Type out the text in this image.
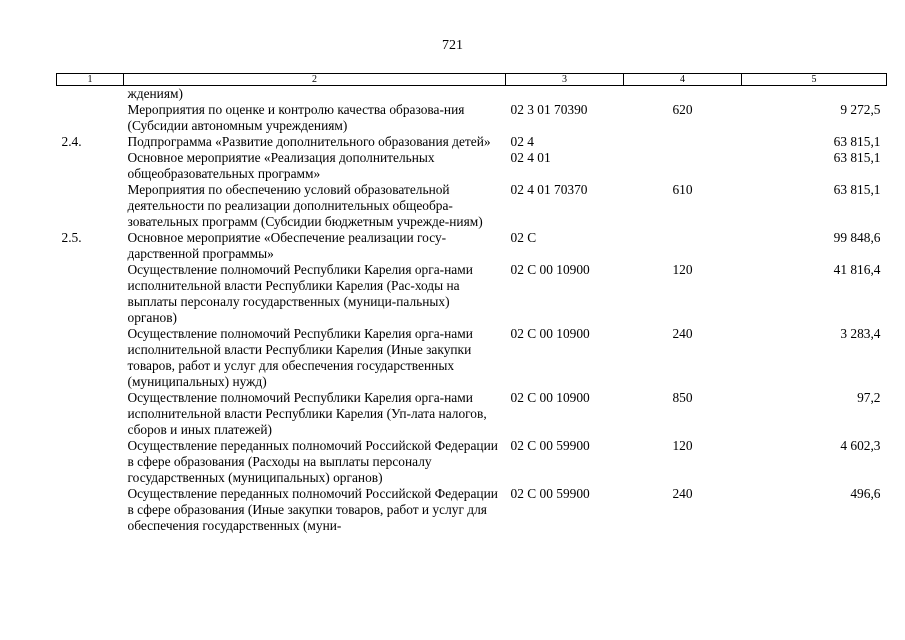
721
1	2	3	4	5
	ждениям)			
	Мероприятия по оценке и контролю качества образова-ния (Субсидии автономным учреждениям)	02 3 01 70390	620	9 272,5
2.4.	Подпрограмма «Развитие дополнительного образования детей»	02 4		63 815,1
	Основное мероприятие «Реализация дополнительных общеобразовательных программ»	02 4 01		63 815,1
	Мероприятия по обеспечению условий образовательной деятельности по реализации дополнительных общеобра-зовательных программ (Субсидии бюджетным учрежде-ниям)	02 4 01 70370	610	63 815,1
2.5.	Основное мероприятие «Обеспечение реализации госу-дарственной программы»	02 С		99 848,6
	Осуществление полномочий Республики Карелия орга-нами исполнительной власти Республики Карелия (Рас-ходы на выплаты персоналу государственных (муници-пальных) органов)	02 С 00 10900	120	41 816,4
	Осуществление полномочий Республики Карелия орга-нами исполнительной власти Республики Карелия (Иные закупки товаров, работ и услуг для обеспечения государственных (муниципальных) нужд)	02 С 00 10900	240	3 283,4
	Осуществление полномочий Республики Карелия орга-нами исполнительной власти Республики Карелия (Уп-лата налогов, сборов и иных платежей)	02 С 00 10900	850	97,2
	Осуществление переданных полномочий Российской Федерации в сфере образования (Расходы на выплаты персоналу государственных (муниципальных) органов)	02 С 00 59900	120	4 602,3
	Осуществление переданных полномочий Российской Федерации в сфере образования (Иные закупки товаров, работ и услуг для обеспечения государственных (муни-	02 С 00 59900	240	496,6
